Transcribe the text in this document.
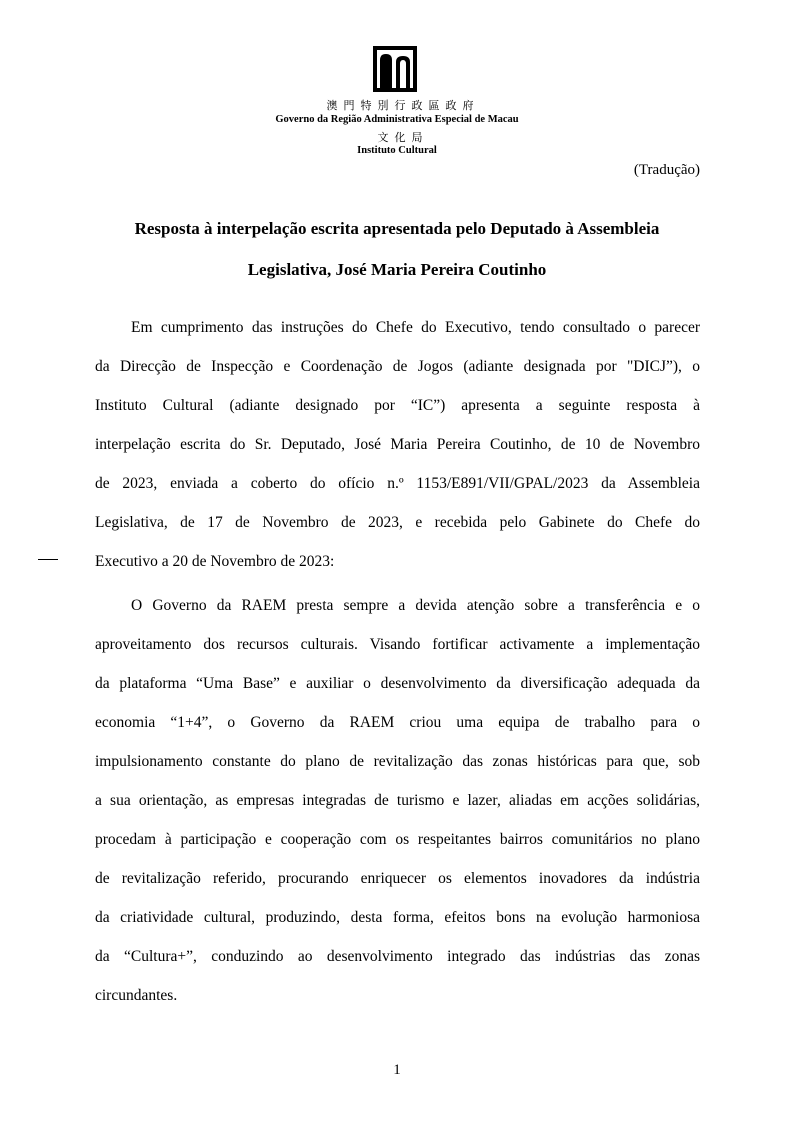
澳門特別行政區政府
Governo da Região Administrativa Especial de Macau
文化局
Instituto Cultural
(Tradução)
Resposta à interpelação escrita apresentada pelo Deputado à Assembleia
Legislativa, José Maria Pereira Coutinho
Em cumprimento das instruções do Chefe do Executivo, tendo consultado o parecer
da Direcção de Inspecção e Coordenação de Jogos (adiante designada por "DICJ”), o
Instituto Cultural (adiante designado por “IC”) apresenta a seguinte resposta à
interpelação escrita do Sr. Deputado, José Maria Pereira Coutinho, de 10 de Novembro
de 2023, enviada a coberto do ofício n.º 1153/E891/VII/GPAL/2023 da Assembleia
Legislativa, de 17 de Novembro de 2023, e recebida pelo Gabinete do Chefe do
Executivo a 20 de Novembro de 2023:
O Governo da RAEM presta sempre a devida atenção sobre a transferência e o
aproveitamento dos recursos culturais. Visando fortificar activamente a implementação
da plataforma “Uma Base” e auxiliar o desenvolvimento da diversificação adequada da
economia “1+4”, o Governo da RAEM criou uma equipa de trabalho para o
impulsionamento constante do plano de revitalização das zonas históricas para que, sob
a sua orientação, as empresas integradas de turismo e lazer, aliadas em acções solidárias,
procedam à participação e cooperação com os respeitantes bairros comunitários no plano
de revitalização referido, procurando enriquecer os elementos inovadores da indústria
da criatividade cultural, produzindo, desta forma, efeitos bons na evolução harmoniosa
da “Cultura+”, conduzindo ao desenvolvimento integrado das indústrias das zonas
circundantes.
1
